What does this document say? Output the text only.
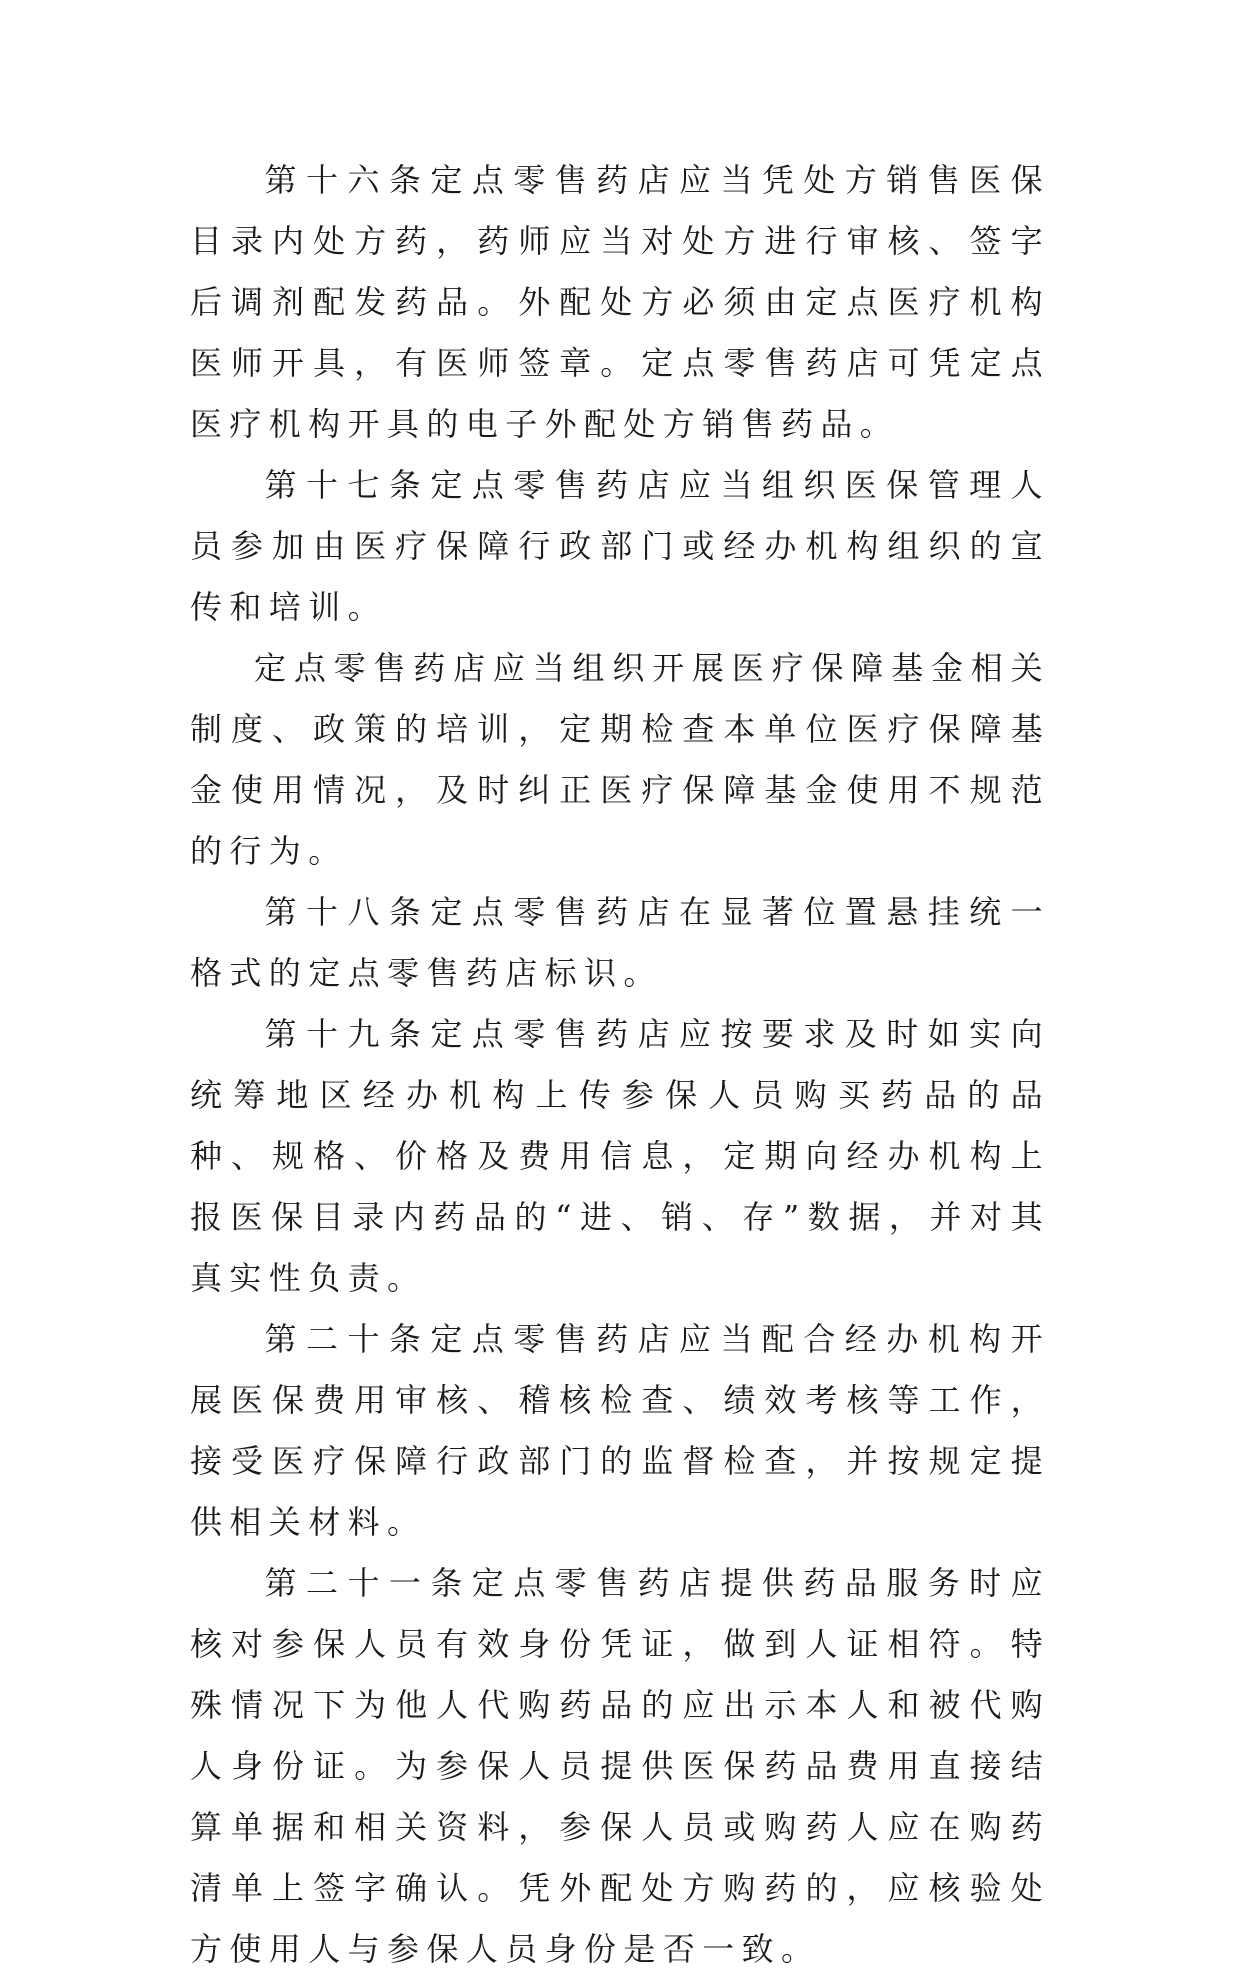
第十六条定点零售药店应当凭处方销售医保目录内处方药，药师应当对处方进行审核、签字后调剂配发药品。外配处方必须由定点医疗机构医师开具，有医师签章。定点零售药店可凭定点医疗机构开具的电子外配处方销售药品。

第十七条定点零售药店应当组织医保管理人员参加由医疗保障行政部门或经办机构组织的宣传和培训。

定点零售药店应当组织开展医疗保障基金相关制度、政策的培训，定期检查本单位医疗保障基金使用情况，及时纠正医疗保障基金使用不规范的行为。

第十八条定点零售药店在显著位置悬挂统一格式的定点零售药店标识。

第十九条定点零售药店应按要求及时如实向统筹地区经办机构上传参保人员购买药品的品种、规格、价格及费用信息，定期向经办机构上报医保目录内药品的“进、销、存”数据，并对其真实性负责。

第二十条定点零售药店应当配合经办机构开展医保费用审核、稽核检查、绩效考核等工作，接受医疗保障行政部门的监督检查，并按规定提供相关材料。

第二十一条定点零售药店提供药品服务时应核对参保人员有效身份凭证，做到人证相符。特殊情况下为他人代购药品的应出示本人和被代购人身份证。为参保人员提供医保药品费用直接结算单据和相关资料，参保人员或购药人应在购药清单上签字确认。凭外配处方购药的，应核验处方使用人与参保人员身份是否一致。
